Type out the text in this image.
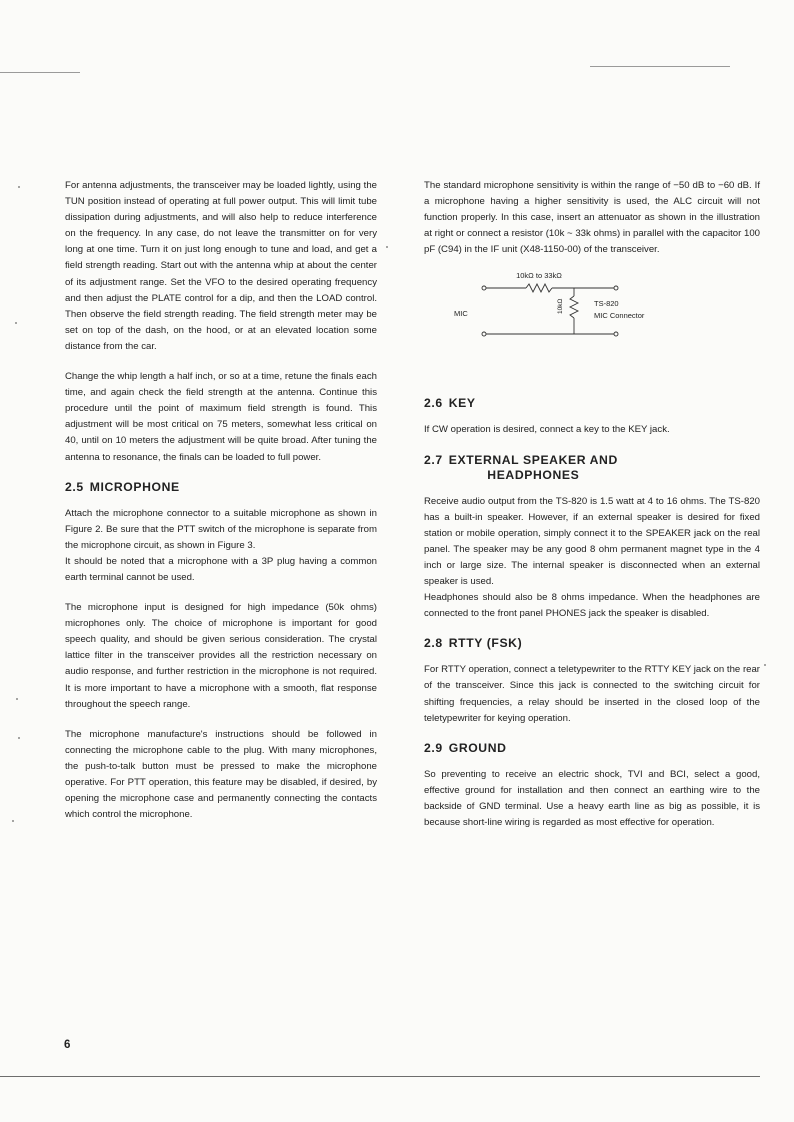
For antenna adjustments, the transceiver may be loaded lightly, using the TUN position instead of operating at full power output. This will limit tube dissipation during adjustments, and will also help to reduce interference on the frequency. In any case, do not leave the transmitter on for very long at one time. Turn it on just long enough to tune and load, and get a field strength reading. Start out with the antenna whip at about the center of its adjustment range. Set the VFO to the desired operating frequency and then adjust the PLATE control for a dip, and then the LOAD control. Then observe the field strength reading. The field strength meter may be set on top of the dash, on the hood, or at an elevated location some distance from the car.

Change the whip length a half inch, or so at a time, retune the finals each time, and again check the field strength at the antenna. Continue this procedure until the point of maximum field strength is found. This adjustment will be most critical on 75 meters, somewhat less critical on 40, until on 10 meters the adjustment will be quite broad. After tuning the antenna to resonance, the finals can be loaded to full power.

2.5 MICROPHONE

Attach the microphone connector to a suitable microphone as shown in Figure 2. Be sure that the PTT switch of the microphone is separate from the microphone circuit, as shown in Figure 3.

It should be noted that a microphone with a 3P plug having a common earth terminal cannot be used.

The microphone input is designed for high impedance (50k ohms) microphones only. The choice of microphone is important for good speech quality, and should be given serious consideration. The crystal lattice filter in the transceiver provides all the restriction necessary on audio response, and further restriction in the microphone is not required. It is more important to have a microphone with a smooth, flat response throughout the speech range.

The microphone manufacture's instructions should be followed in connecting the microphone cable to the plug. With many microphones, the push-to-talk button must be pressed to make the microphone operative. For PTT operation, this feature may be disabled, if desired, by opening the microphone case and permanently connecting the contacts which control the microphone.

The standard microphone sensitivity is within the range of −50 dB to −60 dB. If a microphone having a higher sensitivity is used, the ALC circuit will not function properly. In this case, insert an attenuator as shown in the illustration at right or connect a resistor (10k ~ 33k ohms) in parallel with the capacitor 100 pF (C94) in the IF unit (X48-1150-00) of the transceiver.

10kΩ to 33kΩ
10kΩ
MIC
TS-820
MIC Connector
2.6 KEY

If CW operation is desired, connect a key to the KEY jack.

2.7 EXTERNAL SPEAKER AND
HEADPHONES

Receive audio output from the TS-820 is 1.5 watt at 4 to 16 ohms. The TS-820 has a built-in speaker. However, if an external speaker is desired for fixed station or mobile operation, simply connect it to the SPEAKER jack on the real panel. The speaker may be any good 8 ohm permanent magnet type in the 4 inch or large size. The internal speaker is disconnected when an external speaker is used.

Headphones should also be 8 ohms impedance. When the headphones are connected to the front panel PHONES jack the speaker is disabled.

2.8 RTTY (FSK)

For RTTY operation, connect a teletypewriter to the RTTY KEY jack on the rear of the transceiver. Since this jack is connected to the switching circuit for shifting frequencies, a relay should be inserted in the closed loop of the teletypewriter for keying operation.

2.9 GROUND

So preventing to receive an electric shock, TVI and BCI, select a good, effective ground for installation and then connect an earthing wire to the backside of GND terminal. Use a heavy earth line as big as possible, it is because short-line wiring is regarded as most effective for operation.

6
